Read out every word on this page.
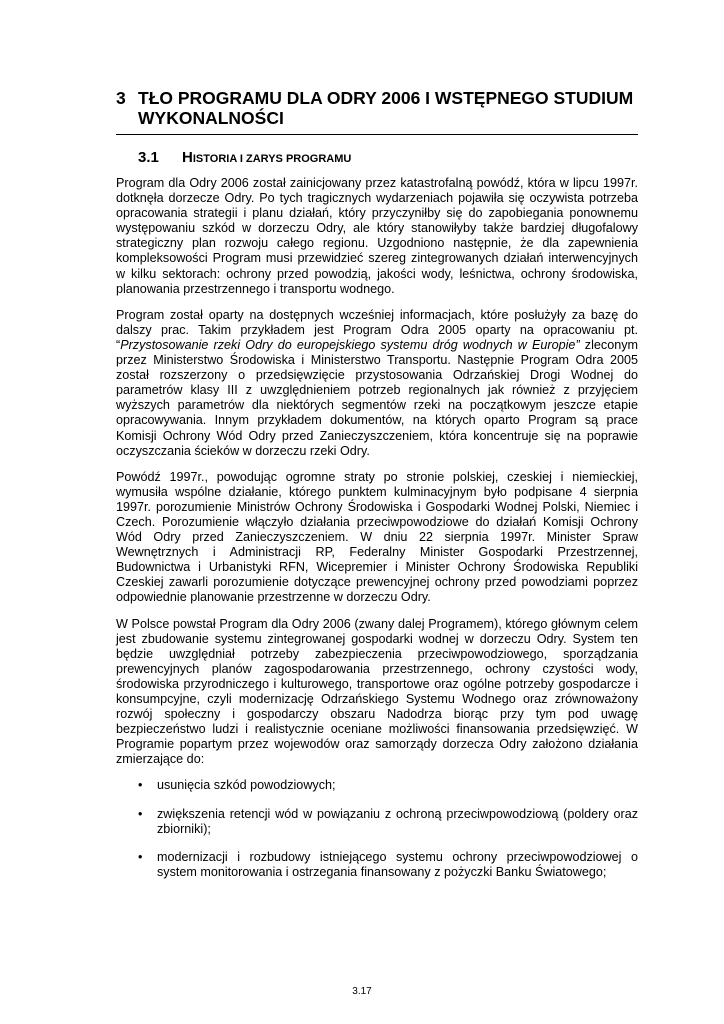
3 TŁO PROGRAMU DLA ODRY 2006 I WSTĘPNEGO STUDIUM WYKONALNOŚCI
3.1 HISTORIA I ZARYS PROGRAMU

Program dla Odry 2006 został zainicjowany przez katastrofalną powódź, która w lipcu 1997r. dotknęła dorzecze Odry. Po tych tragicznych wydarzeniach pojawiła się oczywista potrzeba opracowania strategii i planu działań, który przyczyniłby się do zapobiegania ponownemu występowaniu szkód w dorzeczu Odry, ale który stanowiłyby także bardziej długofalowy strategiczny plan rozwoju całego regionu. Uzgodniono następnie, że dla zapewnienia kompleksowości Program musi przewidzieć szereg zintegrowanych działań interwencyjnych w kilku sektorach: ochrony przed powodzią, jakości wody, leśnictwa, ochrony środowiska, planowania przestrzennego i transportu wodnego.

Program został oparty na dostępnych wcześniej informacjach, które posłużyły za bazę do dalszy prac. Takim przykładem jest Program Odra 2005 oparty na opracowaniu pt. “Przystosowanie rzeki Odry do europejskiego systemu dróg wodnych w Europie” zleconym przez Ministerstwo Środowiska i Ministerstwo Transportu. Następnie Program Odra 2005 został rozszerzony o przedsięwzięcie przystosowania Odrzańskiej Drogi Wodnej do parametrów klasy III z uwzględnieniem potrzeb regionalnych jak również z przyjęciem wyższych parametrów dla niektórych segmentów rzeki na początkowym jeszcze etapie opracowywania. Innym przykładem dokumentów, na których oparto Program są prace Komisji Ochrony Wód Odry przed Zanieczyszczeniem, która koncentruje się na poprawie oczyszczania ścieków w dorzeczu rzeki Odry.

Powódź 1997r., powodując ogromne straty po stronie polskiej, czeskiej i niemieckiej, wymusiła wspólne działanie, którego punktem kulminacyjnym było podpisane 4 sierpnia 1997r. porozumienie Ministrów Ochrony Środowiska i Gospodarki Wodnej Polski, Niemiec i Czech. Porozumienie włączyło działania przeciwpowodziowe do działań Komisji Ochrony Wód Odry przed Zanieczyszczeniem. W dniu 22 sierpnia 1997r. Minister Spraw Wewnętrznych i Administracji RP, Federalny Minister Gospodarki Przestrzennej, Budownictwa i Urbanistyki RFN, Wicepremier i Minister Ochrony Środowiska Republiki Czeskiej zawarli porozumienie dotyczące prewencyjnej ochrony przed powodziami poprzez odpowiednie planowanie przestrzenne w dorzeczu Odry.

W Polsce powstał Program dla Odry 2006 (zwany dalej Programem), którego głównym celem jest zbudowanie systemu zintegrowanej gospodarki wodnej w dorzeczu Odry. System ten będzie uwzględniał potrzeby zabezpieczenia przeciwpowodziowego, sporządzania prewencyjnych planów zagospodarowania przestrzennego, ochrony czystości wody, środowiska przyrodniczego i kulturowego, transportowe oraz ogólne potrzeby gospodarcze i konsumpcyjne, czyli modernizację Odrzańskiego Systemu Wodnego oraz zrównoważony rozwój społeczny i gospodarczy obszaru Nadodrza biorąc przy tym pod uwagę bezpieczeństwo ludzi i realistycznie oceniane możliwości finansowania przedsięwzięć. W Programie popartym przez wojewodów oraz samorządy dorzecza Odry założono działania zmierzające do:

• usunięcia szkód powodziowych;
• zwiększenia retencji wód w powiązaniu z ochroną przeciwpowodziową (poldery oraz zbiorniki);
• modernizacji i rozbudowy istniejącego systemu ochrony przeciwpowodziowej o system monitorowania i ostrzegania finansowany z pożyczki Banku Światowego;
3.17
